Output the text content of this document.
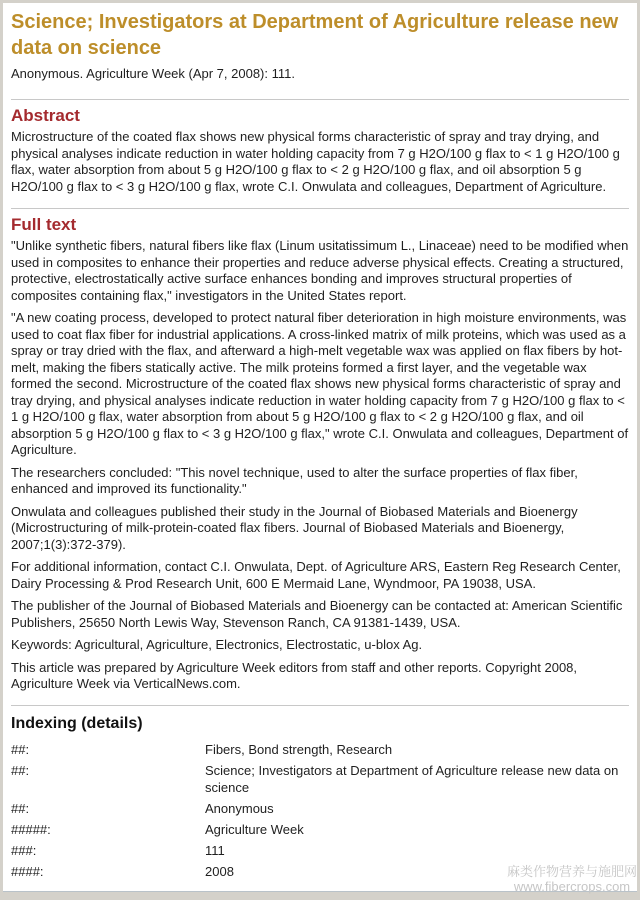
Science; Investigators at Department of Agriculture release new data on science
Anonymous. Agriculture Week (Apr 7, 2008): 111.
Abstract

Microstructure of the coated flax shows new physical forms characteristic of spray and tray drying, and physical analyses indicate reduction in water holding capacity from 7 g H2O/100 g flax to < 1 g H2O/100 g flax, water absorption from about 5 g H2O/100 g flax to < 2 g H2O/100 g flax, and oil absorption 5 g H2O/100 g flax to < 3 g H2O/100 g flax, wrote C.I. Onwulata and colleagues, Department of Agriculture.

Full text

"Unlike synthetic fibers, natural fibers like flax (Linum usitatissimum L., Linaceae) need to be modified when used in composites to enhance their properties and reduce adverse physical effects. Creating a structured, protective, electrostatically active surface enhances bonding and improves structural properties of composites containing flax," investigators in the United States report.

"A new coating process, developed to protect natural fiber deterioration in high moisture environments, was used to coat flax fiber for industrial applications. A cross-linked matrix of milk proteins, which was used as a spray or tray dried with the flax, and afterward a high-melt vegetable wax was applied on flax fibers by hot-melt, making the fibers statically active. The milk proteins formed a first layer, and the vegetable wax formed the second. Microstructure of the coated flax shows new physical forms characteristic of spray and tray drying, and physical analyses indicate reduction in water holding capacity from 7 g H2O/100 g flax to < 1 g H2O/100 g flax, water absorption from about 5 g H2O/100 g flax to < 2 g H2O/100 g flax, and oil absorption 5 g H2O/100 g flax to < 3 g H2O/100 g flax," wrote C.I. Onwulata and colleagues, Department of Agriculture.

The researchers concluded: "This novel technique, used to alter the surface properties of flax fiber, enhanced and improved its functionality."

Onwulata and colleagues published their study in the Journal of Biobased Materials and Bioenergy (Microstructuring of milk-protein-coated flax fibers. Journal of Biobased Materials and Bioenergy, 2007;1(3):372-379).

For additional information, contact C.I. Onwulata, Dept. of Agriculture ARS, Eastern Reg Research Center, Dairy Processing & Prod Research Unit, 600 E Mermaid Lane, Wyndmoor, PA 19038, USA.

The publisher of the Journal of Biobased Materials and Bioenergy can be contacted at: American Scientific Publishers, 25650 North Lewis Way, Stevenson Ranch, CA 91381-1439, USA.

Keywords: Agricultural, Agriculture, Electronics, Electrostatic, u-blox Ag.

This article was prepared by Agriculture Week editors from staff and other reports. Copyright 2008, Agriculture Week via VerticalNews.com.

Indexing (details)
##:	Fibers, Bond strength, Research
##:	Science; Investigators at Department of Agriculture release new data on science
##:	Anonymous
#####:	Agriculture Week
###:	111
####:	2008	麻类作物营养与施肥网
www.fibercrops.com
